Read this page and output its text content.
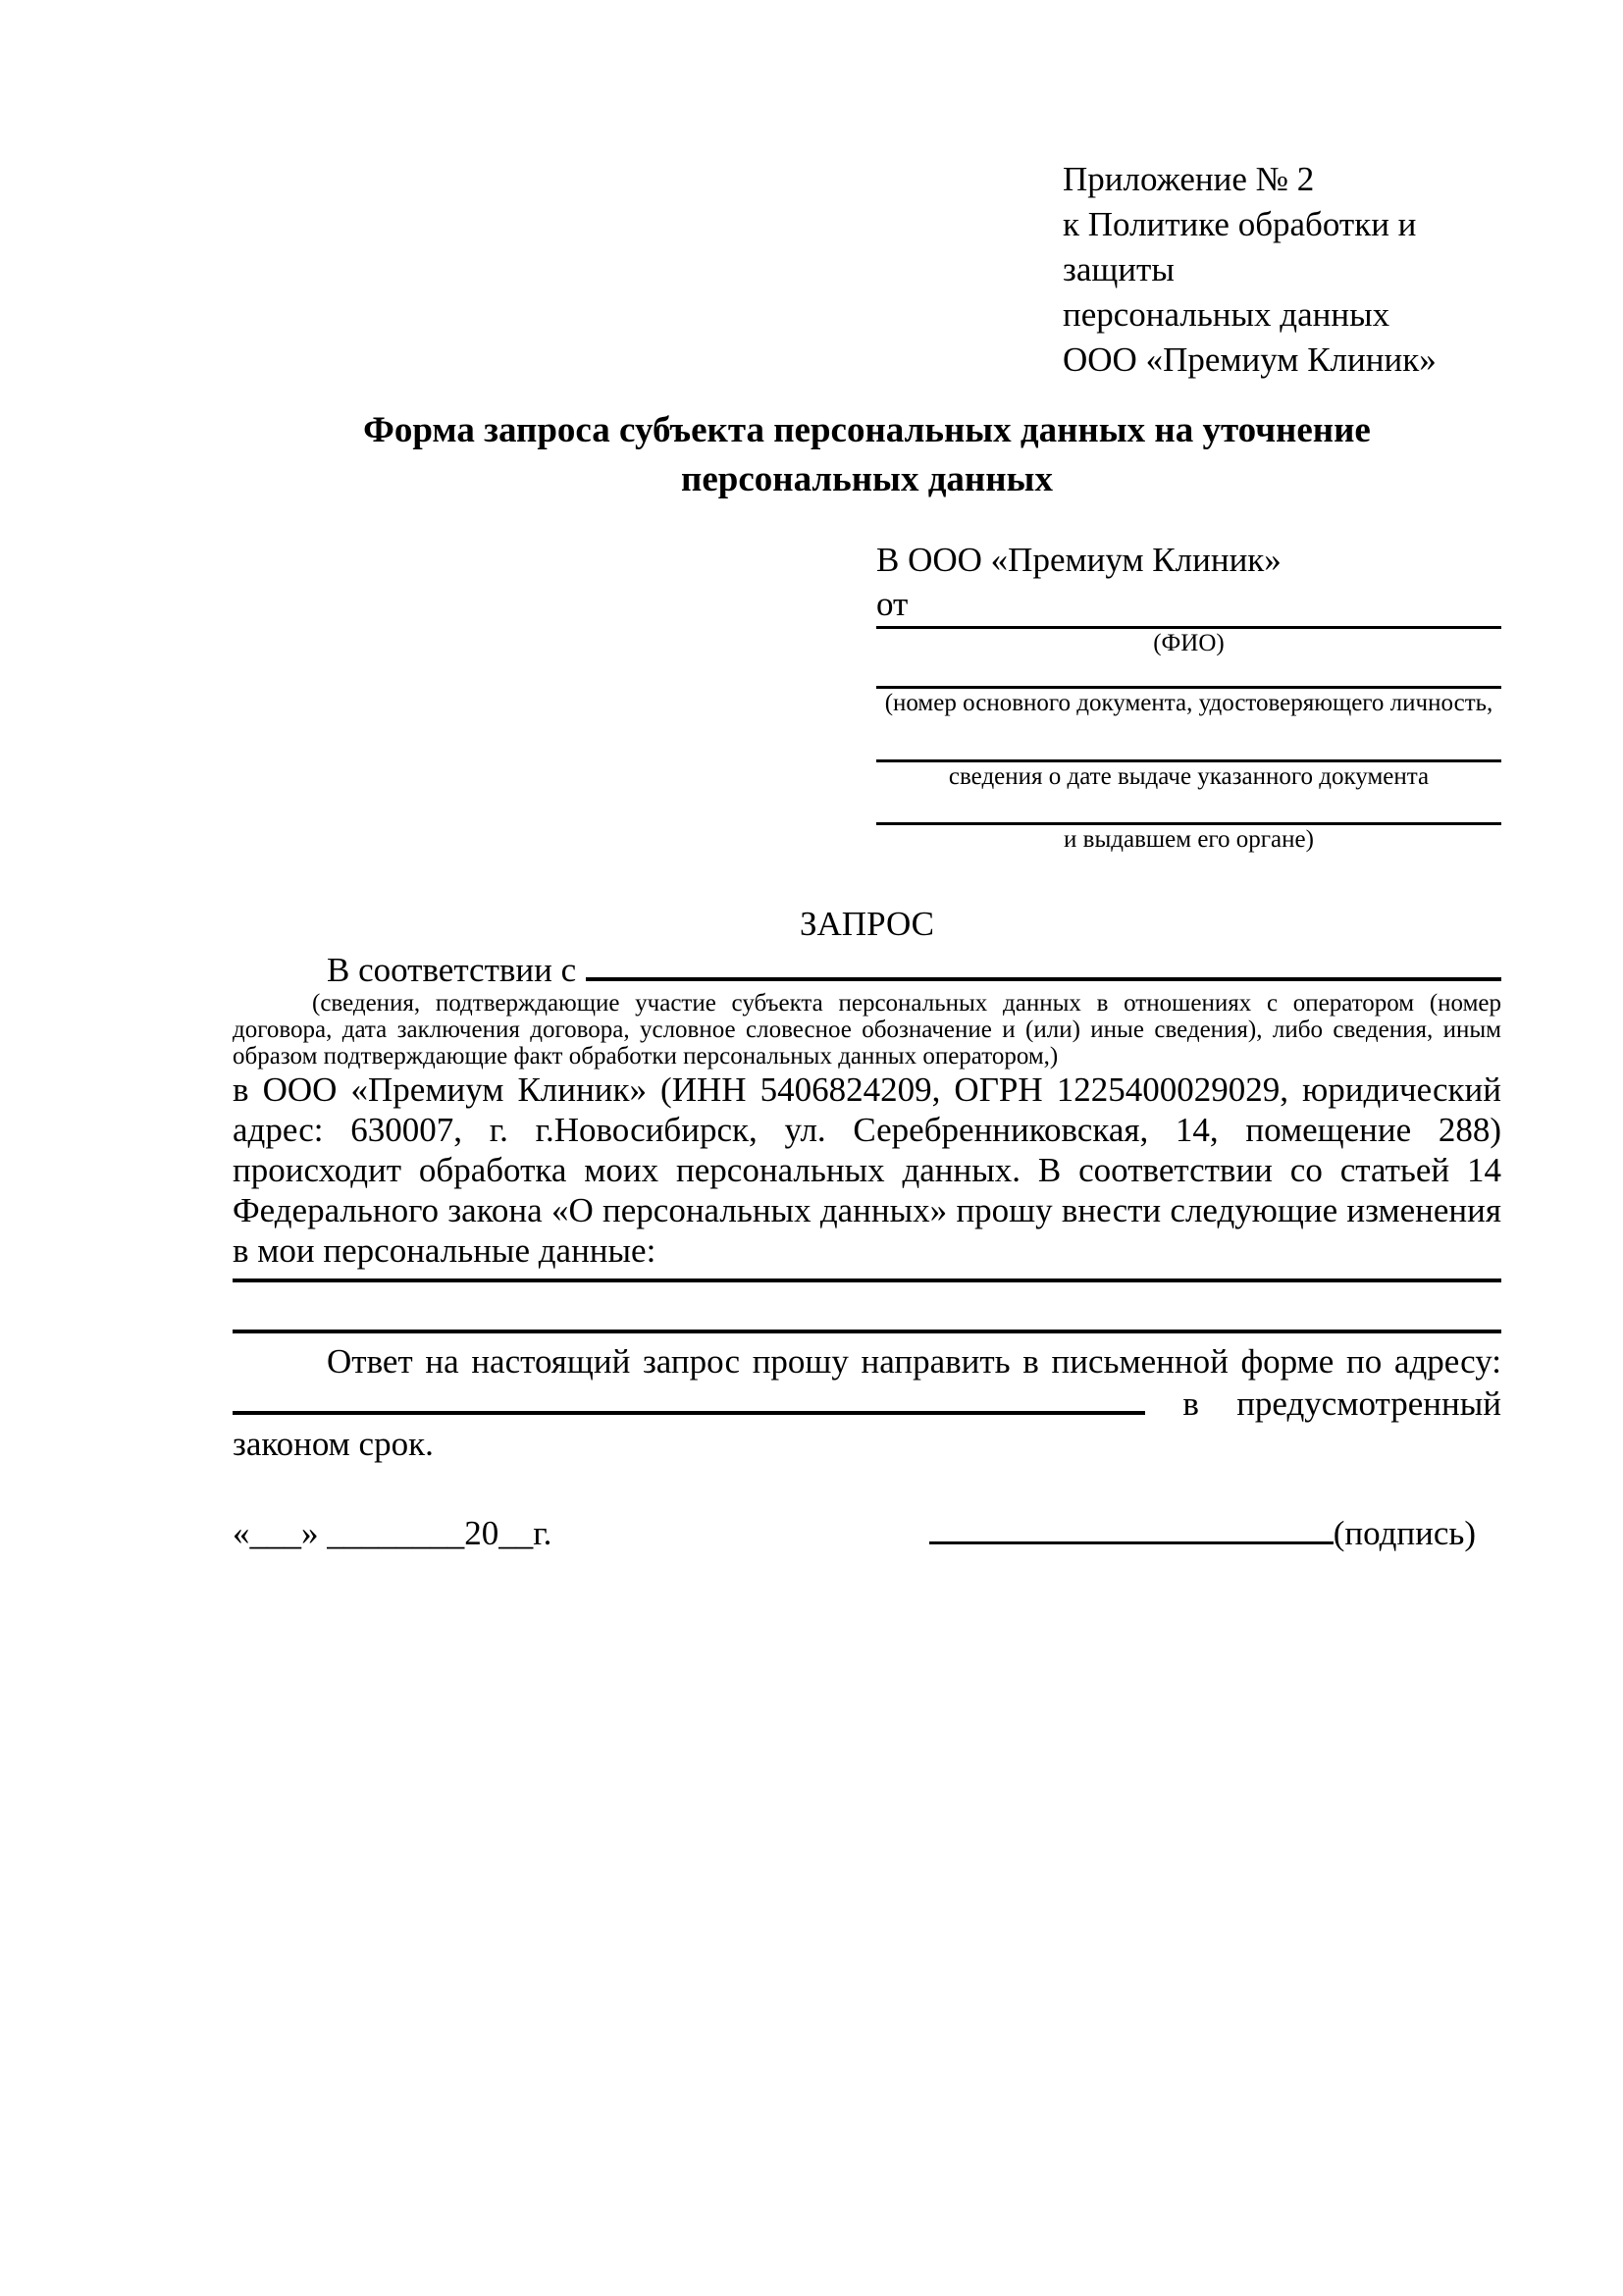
Приложение № 2
к Политике обработки и защиты
персональных данных
ООО «Премиум Клиник»
Форма запроса субъекта персональных данных на уточнение персональных данных
В ООО «Премиум Клиник»
от
(ФИО)
(номер основного документа, удостоверяющего личность,
сведения о дате выдаче указанного документа
и выдавшем его органе)
ЗАПРОС
В соответствии с
(сведения, подтверждающие участие субъекта персональных данных в отношениях с оператором (номер договора, дата заключения договора, условное словесное обозначение и (или) иные сведения), либо сведения, иным образом подтверждающие факт обработки персональных данных оператором,)
в ООО «Премиум Клиник» (ИНН 5406824209, ОГРН 1225400029029, юридический адрес: 630007, г. г.Новосибирск, ул. Серебренниковская, 14, помещение 288) происходит обработка моих персональных данных. В соответствии со статьей 14 Федерального закона «О персональных данных» прошу внести следующие изменения в мои персональные данные:
Ответ на настоящий запрос прошу направить в письменной форме по адресу:
в предусмотренный
законом срок.
«___» ________20__г.	(подпись)
